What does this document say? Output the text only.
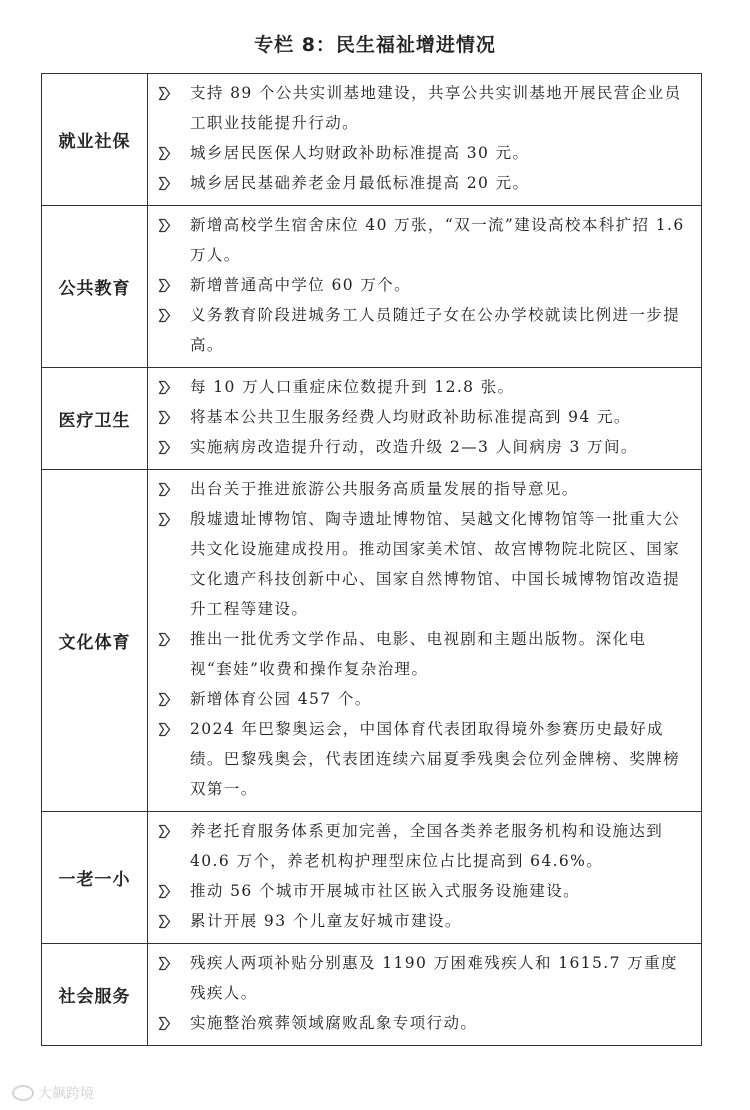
专栏 8：民生福祉增进情况
就业社保	支持 89 个公共实训基地建设，共享公共实训基地开展民营企业员工职业技能提升行动。
城乡居民医保人均财政补助标准提高 30 元。
城乡居民基础养老金月最低标准提高 20 元。

公共教育	新增高校学生宿舍床位 40 万张，“双一流”建设高校本科扩招 1.6 万人。
新增普通高中学位 60 万个。
义务教育阶段进城务工人员随迁子女在公办学校就读比例进一步提高。

医疗卫生	每 10 万人口重症床位数提升到 12.8 张。
将基本公共卫生服务经费人均财政补助标准提高到 94 元。
实施病房改造提升行动，改造升级 2—3 人间病房 3 万间。

文化体育	出台关于推进旅游公共服务高质量发展的指导意见。
殷墟遗址博物馆、陶寺遗址博物馆、吴越文化博物馆等一批重大公共文化设施建成投用。推动国家美术馆、故宫博物院北院区、国家文化遗产科技创新中心、国家自然博物馆、中国长城博物馆改造提升工程等建设。
推出一批优秀文学作品、电影、电视剧和主题出版物。深化电视“套娃”收费和操作复杂治理。
新增体育公园 457 个。
2024 年巴黎奥运会，中国体育代表团取得境外参赛历史最好成绩。巴黎残奥会，代表团连续六届夏季残奥会位列金牌榜、奖牌榜双第一。

一老一小	养老托育服务体系更加完善，全国各类养老服务机构和设施达到 40.6 万个，养老机构护理型床位占比提高到 64.6%。
推动 56 个城市开展城市社区嵌入式服务设施建设。
累计开展 93 个儿童友好城市建设。

社会服务	残疾人两项补贴分别惠及 1190 万困难残疾人和 1615.7 万重度残疾人。
实施整治殡葬领域腐败乱象专项行动。
大飙跨境
